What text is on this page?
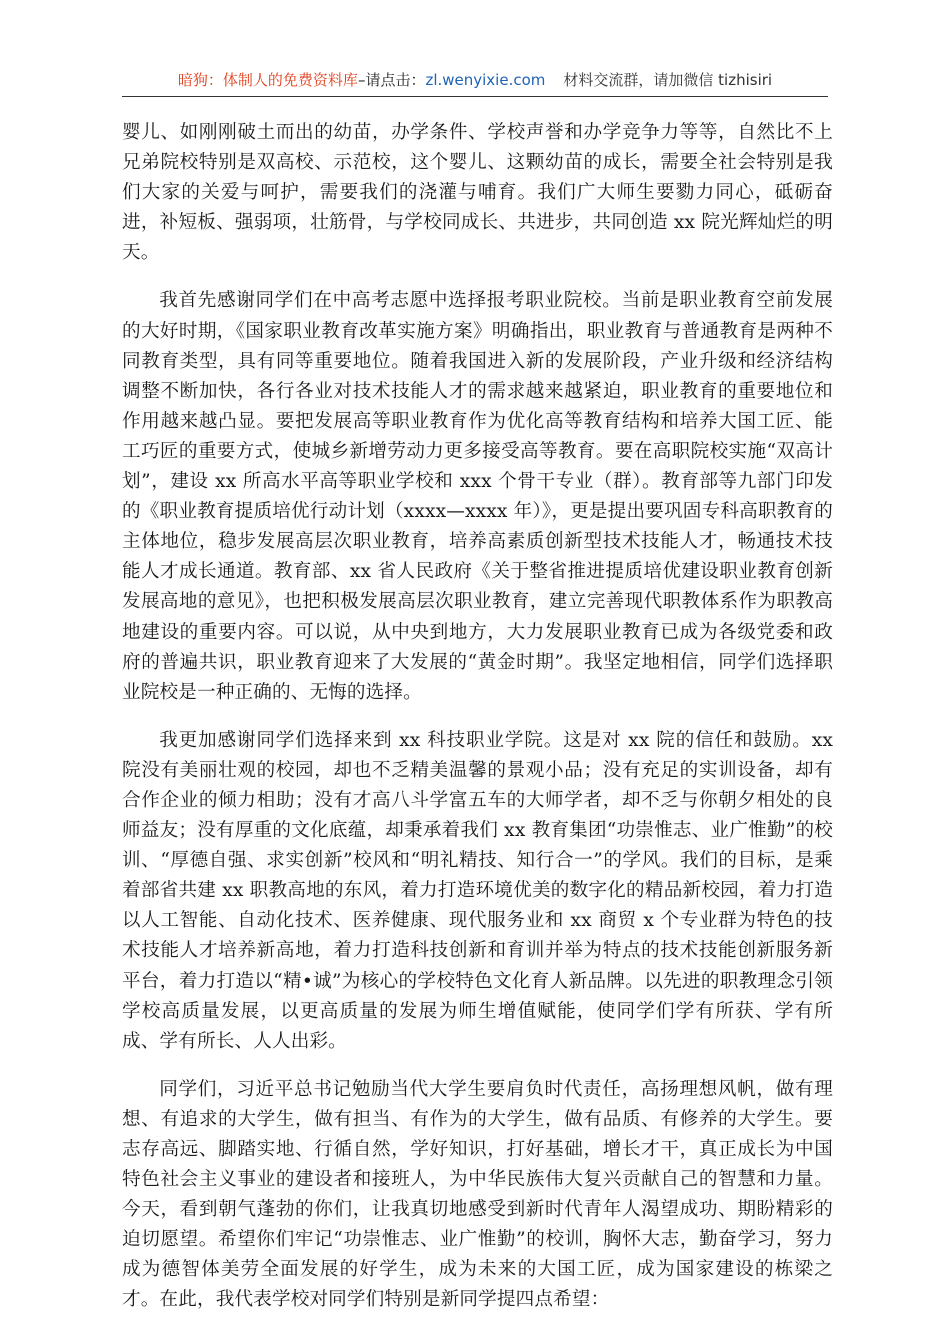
暗狗：体制人的免费资料库–请点击：zl.wenyixie.com 材料交流群，请加微信 tizhisiri

婴儿、如刚刚破土而出的幼苗，办学条件、学校声誉和办学竞争力等等，自然比不上兄弟院校特别是双高校、示范校，这个婴儿、这颗幼苗的成长，需要全社会特别是我们大家的关爱与呵护，需要我们的浇灌与哺育。我们广大师生要勠力同心，砥砺奋进，补短板、强弱项，壮筋骨，与学校同成长、共进步，共同创造 xx 院光辉灿烂的明天。

我首先感谢同学们在中高考志愿中选择报考职业院校。当前是职业教育空前发展的大好时期，《国家职业教育改革实施方案》明确指出，职业教育与普通教育是两种不同教育类型，具有同等重要地位。随着我国进入新的发展阶段，产业升级和经济结构调整不断加快，各行各业对技术技能人才的需求越来越紧迫，职业教育的重要地位和作用越来越凸显。要把发展高等职业教育作为优化高等教育结构和培养大国工匠、能工巧匠的重要方式，使城乡新增劳动力更多接受高等教育。要在高职院校实施“双高计划”，建设 xx 所高水平高等职业学校和 xxx 个骨干专业（群）。教育部等九部门印发的《职业教育提质培优行动计划（xxxx—xxxx 年）》，更是提出要巩固专科高职教育的主体地位，稳步发展高层次职业教育，培养高素质创新型技术技能人才，畅通技术技能人才成长通道。教育部、xx 省人民政府《关于整省推进提质培优建设职业教育创新发展高地的意见》，也把积极发展高层次职业教育，建立完善现代职教体系作为职教高地建设的重要内容。可以说，从中央到地方，大力发展职业教育已成为各级党委和政府的普遍共识，职业教育迎来了大发展的“黄金时期”。我坚定地相信，同学们选择职业院校是一种正确的、无悔的选择。

我更加感谢同学们选择来到 xx 科技职业学院。这是对 xx 院的信任和鼓励。xx 院没有美丽壮观的校园，却也不乏精美温馨的景观小品；没有充足的实训设备，却有合作企业的倾力相助；没有才高八斗学富五车的大师学者，却不乏与你朝夕相处的良师益友；没有厚重的文化底蕴，却秉承着我们 xx 教育集团“功崇惟志、业广惟勤”的校训、“厚德自强、求实创新”校风和“明礼精技、知行合一”的学风。我们的目标，是乘着部省共建 xx 职教高地的东风，着力打造环境优美的数字化的精品新校园，着力打造以人工智能、自动化技术、医养健康、现代服务业和 xx 商贸 x 个专业群为特色的技术技能人才培养新高地，着力打造科技创新和育训并举为特点的技术技能创新服务新平台，着力打造以“精•诚”为核心的学校特色文化育人新品牌。以先进的职教理念引领学校高质量发展，以更高质量的发展为师生增值赋能，使同学们学有所获、学有所成、学有所长、人人出彩。

同学们，习近平总书记勉励当代大学生要肩负时代责任，高扬理想风帆，做有理想、有追求的大学生，做有担当、有作为的大学生，做有品质、有修养的大学生。要志存高远、脚踏实地、行循自然，学好知识，打好基础，增长才干，真正成长为中国特色社会主义事业的建设者和接班人，为中华民族伟大复兴贡献自己的智慧和力量。今天，看到朝气蓬勃的你们，让我真切地感受到新时代青年人渴望成功、期盼精彩的迫切愿望。希望你们牢记“功崇惟志、业广惟勤”的校训，胸怀大志，勤奋学习，努力成为德智体美劳全面发展的好学生，成为未来的大国工匠，成为国家建设的栋梁之才。在此，我代表学校对同学们特别是新同学提四点希望：
